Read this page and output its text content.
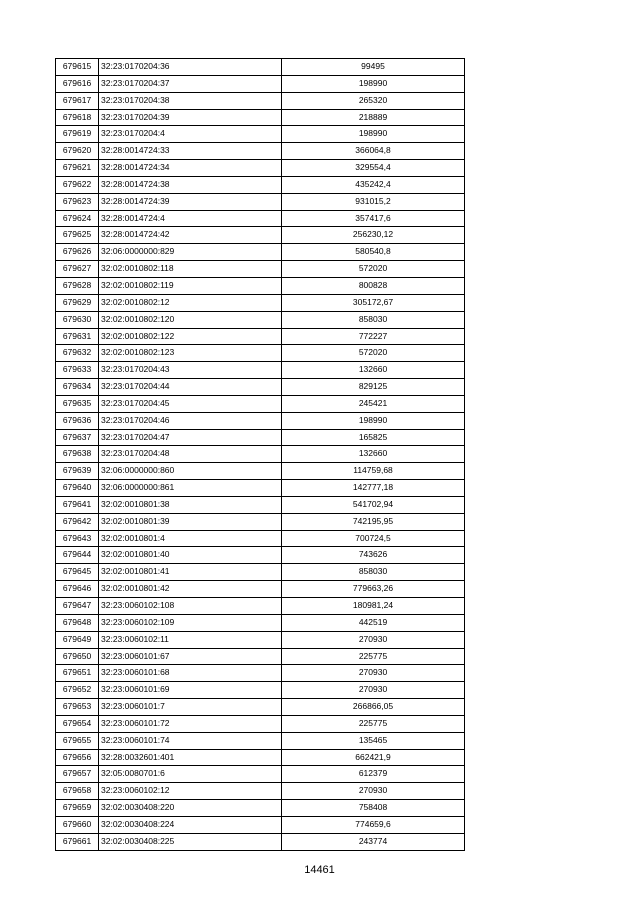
679615	32:23:0170204:36	99495
679616	32:23:0170204:37	198990
679617	32:23:0170204:38	265320
679618	32:23:0170204:39	218889
679619	32:23:0170204:4	198990
679620	32:28:0014724:33	366064,8
679621	32:28:0014724:34	329554,4
679622	32:28:0014724:38	435242,4
679623	32:28:0014724:39	931015,2
679624	32:28:0014724:4	357417,6
679625	32:28:0014724:42	256230,12
679626	32:06:0000000:829	580540,8
679627	32:02:0010802:118	572020
679628	32:02:0010802:119	800828
679629	32:02:0010802:12	305172,67
679630	32:02:0010802:120	858030
679631	32:02:0010802:122	772227
679632	32:02:0010802:123	572020
679633	32:23:0170204:43	132660
679634	32:23:0170204:44	829125
679635	32:23:0170204:45	245421
679636	32:23:0170204:46	198990
679637	32:23:0170204:47	165825
679638	32:23:0170204:48	132660
679639	32:06:0000000:860	114759,68
679640	32:06:0000000:861	142777,18
679641	32:02:0010801:38	541702,94
679642	32:02:0010801:39	742195,95
679643	32:02:0010801:4	700724,5
679644	32:02:0010801:40	743626
679645	32:02:0010801:41	858030
679646	32:02:0010801:42	779663,26
679647	32:23:0060102:108	180981,24
679648	32:23:0060102:109	442519
679649	32:23:0060102:11	270930
679650	32:23:0060101:67	225775
679651	32:23:0060101:68	270930
679652	32:23:0060101:69	270930
679653	32:23:0060101:7	266866,05
679654	32:23:0060101:72	225775
679655	32:23:0060101:74	135465
679656	32:28:0032601:401	662421,9
679657	32:05:0080701:6	612379
679658	32:23:0060102:12	270930
679659	32:02:0030408:220	758408
679660	32:02:0030408:224	774659,6
679661	32:02:0030408:225	243774
14461
